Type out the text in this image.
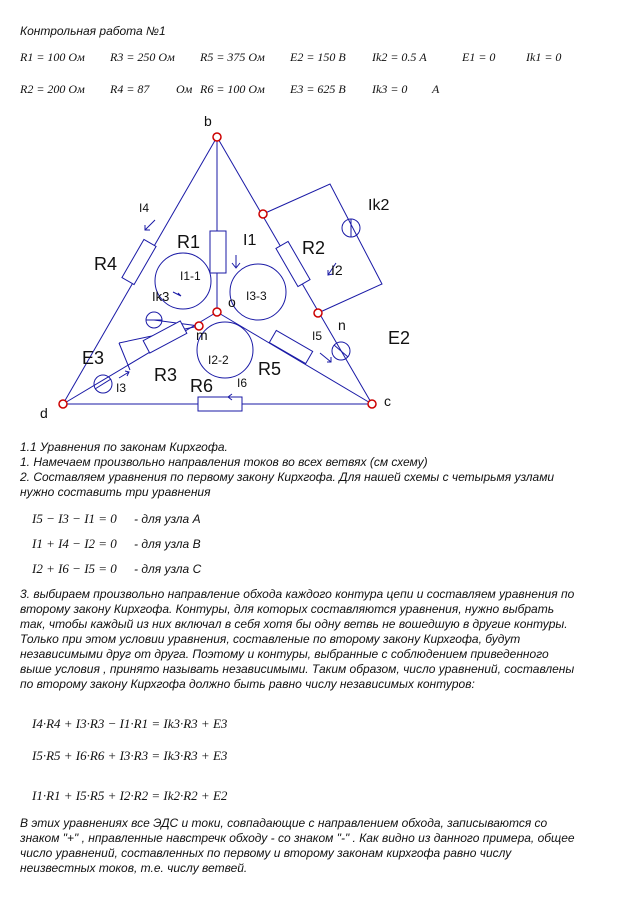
Контрольная работа №1
R1 = 100 Ом R3 = 250 Ом R5 = 375 Ом E2 = 150 В Ik2 = 0.5 А	E1 = 0	Ik1 = 0
R2 = 200 Ом R4 = 87 Ом R6 = 100 Ом E3 = 625 В Ik3 = 0 А
b
c
d
o
m
n
R1	R2
R3
R4
R5
R6
I1
I2
I3
I4
I5
I6
Ik2
Ik3
E2
E3
I1-1
I2-2
I3-3
1.1 Уравнения по законам Кирхгофа.
1. Намечаем произвольно направления токов во всех ветвях (см схему)
2. Составляем уравнения по первому закону Кирхгофа. Для нашей схемы с четырьмя узлами
нужно составить три уравнения
I5 − I3 − I1 = 0 - для узла А
I1 + I4 − I2 = 0 - для узла B
I2 + I6 − I5 = 0 - для узла С
3. выбираем произвольно направление обхода каждого контура цепи и составляем уравнения по
второму закону Кирхгофа. Контуры, для которых составляются уравнения, нужно выбрать
так, чтобы каждый из них включал в себя хотя бы одну ветвь не вошедшую в другие контуры.
Только при этом условии уравнения, составленые по второму закону Кирхгофа, будут
независимыми друг от друга. Поэтому и контуры, выбранные с соблюдением приведенного
выше условия , принято называть независимыми. Таким образом, число уравнений, составлены
по второму закону Кирхгофа должно быть равно числу независимых контуров:
I4·R4 + I3·R3 − I1·R1 = Ik3·R3 + E3
I5·R5 + I6·R6 + I3·R3 = Ik3·R3 + E3
I1·R1 + I5·R5 + I2·R2 = Ik2·R2 + E2
В этих уравнениях все ЭДС и токи, совпадающие с направлением обхода, записываются со
знаком "+" , нправленные навстречк обходу - со знаком "-" . Как видно из данного примера, общее
число уравнений, составленных по первому и второму законам кирхгофа равно числу
неизвестных токов, т.е. числу ветвей.
